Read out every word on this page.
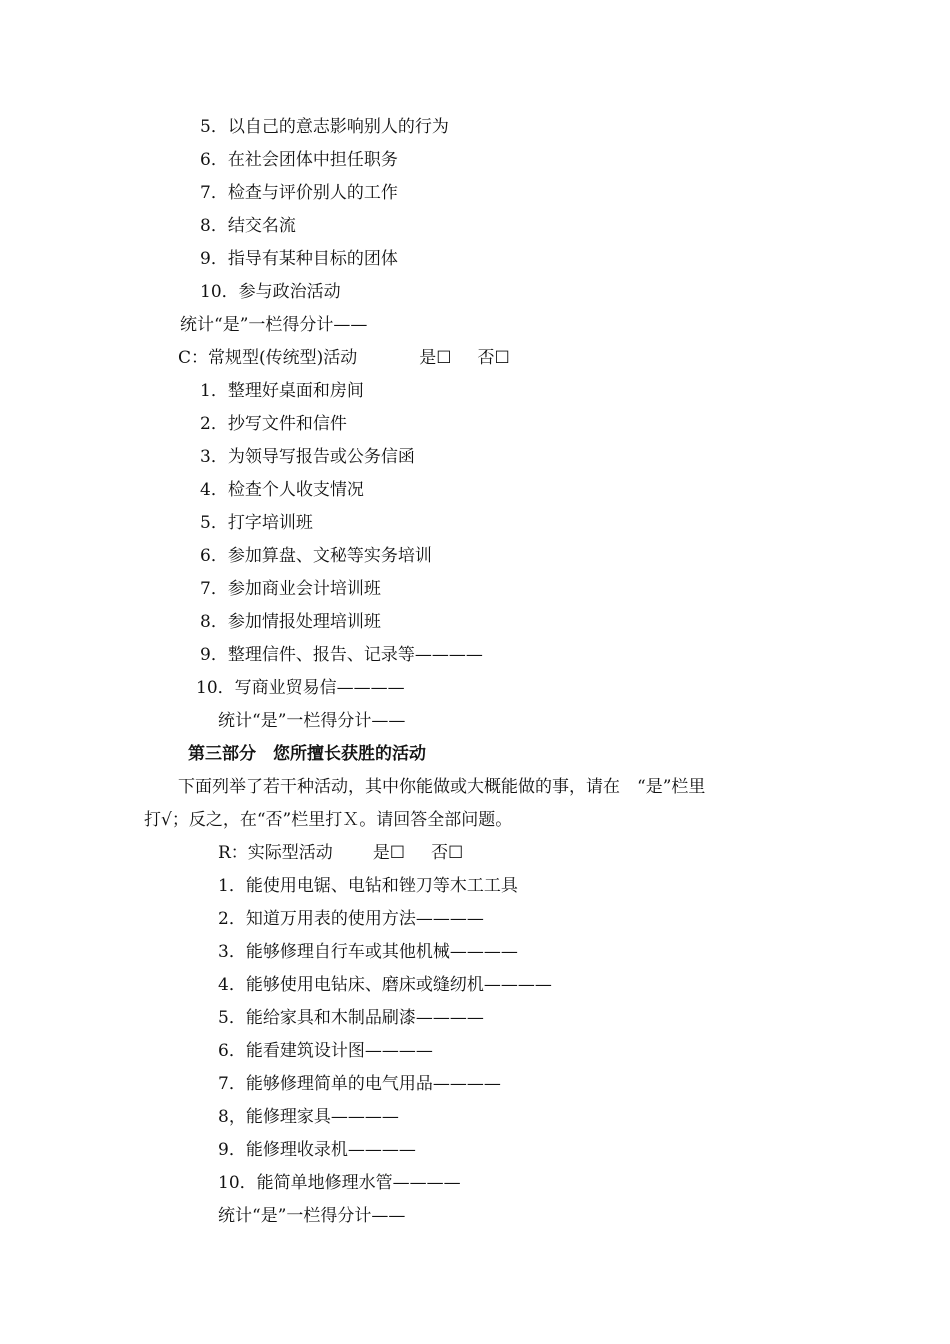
5．以自己的意志影响别人的行为
6．在社会团体中担任职务
7．检查与评价别人的工作
8．结交名流
9．指导有某种目标的团体
10．参与政治活动
统计“是”一栏得分计——
C：常规型(传统型)活动	是☐ 否☐
1．整理好桌面和房间
2．抄写文件和信件
3．为领导写报告或公务信函
4．检查个人收支情况
5．打字培训班
6．参加算盘、文秘等实务培训
7．参加商业会计培训班
8．参加情报处理培训班
9．整理信件、报告、记录等————
10．写商业贸易信————
统计“是”一栏得分计——
第三部分　您所擅长获胜的活动
下面列举了若干种活动，其中你能做或大概能做的事，请在　“是”栏里
打√；反之，在“否”栏里打Ｘ。请回答全部问题。
R：实际型活动 是☐ 否☐
1．能使用电锯、电钻和锉刀等木工工具
2．知道万用表的使用方法————
3．能够修理自行车或其他机械————
4．能够使用电钻床、磨床或缝纫机————
5．能给家具和木制品刷漆————
6．能看建筑设计图————
7．能够修理简单的电气用品————
8，能修理家具————
9．能修理收录机————
10．能简单地修理水管————
统计“是”一栏得分计——
